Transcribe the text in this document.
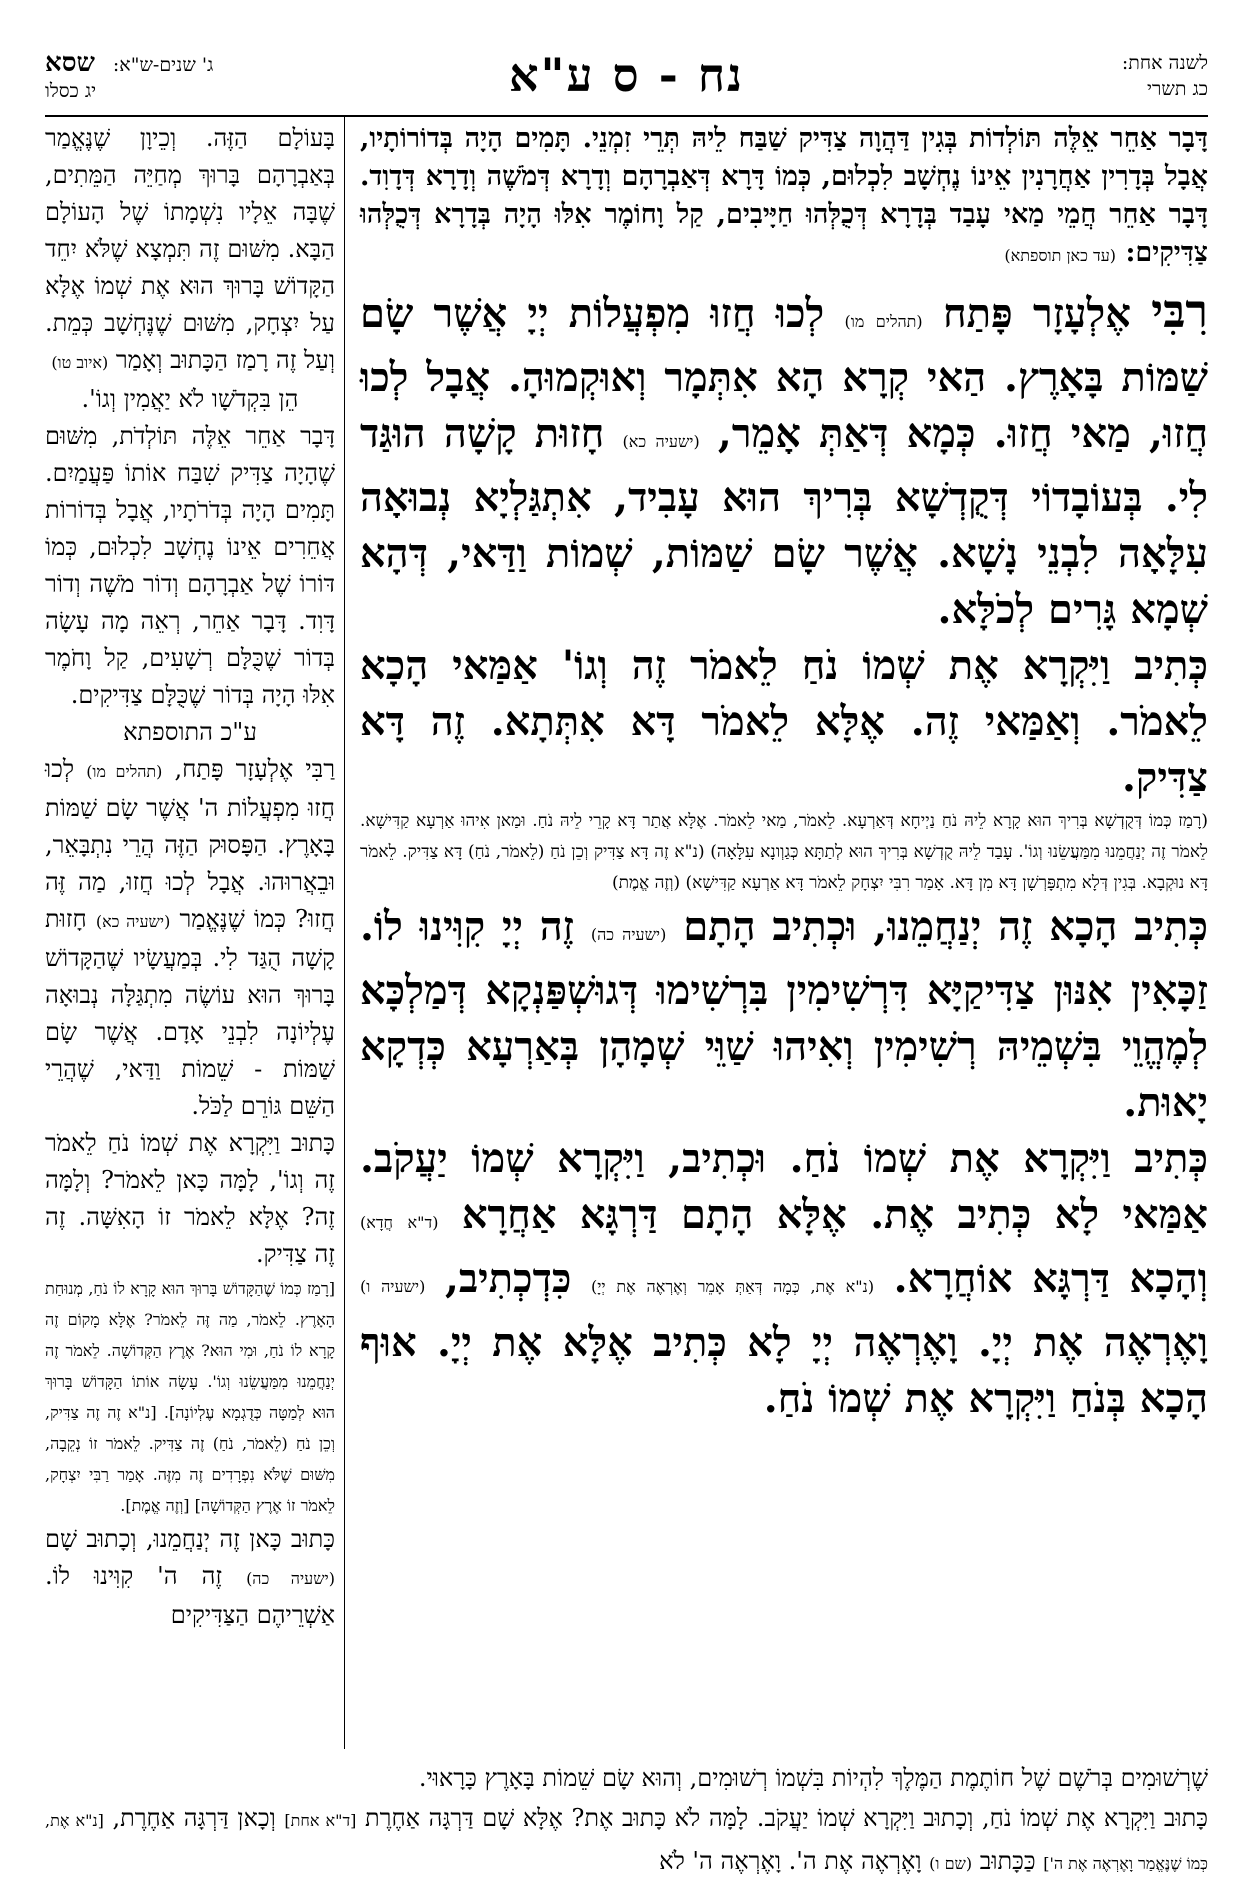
לשנה אחת:
כג תשרי
נח - ס ע"א
ג' שנים-ש"א:שסא
יג כסלו

דָּבָר אַחֵר אֵלֶּה תּוֹלְדוֹת בְּגִין דַּהֲוָה צַדִּיק שַׁבַּח לֵיהּ תְּרֵי זִמְנֵי. תָּמִים הָיָה בְּדוֹרוֹתָיו, אֲבָל בְּדָרִין אַחֲרָנִין אֵינוֹ נֶחְשָׁב לִכְלוּם, כְּמוֹ דָּרָא דְּאַבְרָהָם וְדָרָא דְּמֹשֶׁה וְדָרָא דְּדָוִד. דָּבָר אַחֵר חֲמֵי מַאי עָבַד בְּדָרָא דְּכֻלְּהוּ חַיָּיבִים, קַל וָחוֹמֶר אִלּוּ הָיָה בְּדָרָא דְּכֻלְּהוּ צַדִּיקִים: (עד כאן תוספתא)

רִבִּי אֶלְעָזָר פָּתַח (תהלים מו) לְכוּ חֲזוּ מִפְעֲלוֹת יְיָ אֲשֶׁר שָׂם שַׁמּוֹת בָּאָרֶץ. הַאי קְרָא הָא אִתְּמָר וְאוּקְמוּהָ. אֲבָל לְכוּ חֲזוּ, מַאי חֲזוּ. כְּמָא דְּאַתְּ אָמֵר, (ישעיה כא) חָזוּת קָשָׁה הוּגַּד לִי. בְּעוֹבָדוֹי דְּקֻדְשָׁא בְּרִיךְ הוּא עָבִיד, אִתְגַּלְיָא נְבוּאָה עִלָּאָה לִבְנֵי נָשָׁא. אֲשֶׁר שָׂם שַׁמּוֹת, שְׁמוֹת וַדַּאי, דְּהָא שְׁמָא גָּרִים לְכֹלָּא.

כְּתִיב וַיִּקְרָא אֶת שְׁמוֹ נֹחַ לֵאמֹר זֶה וְגוֹ' אַמַּאי הָכָא לֵאמֹר. וְאַמַּאי זֶה. אֶלָּא לֵאמֹר דָּא אִתְּתָא. זֶה דָּא צַדִּיק.

(רָמַז כְּמוֹ דְּקֻדְשָׁא בְּרִיךְ הוּא קָרָא לֵיהּ נֹחַ נַיְיחָא דְּאַרְעָא. לֵאמֹר, מַאי לֵאמֹר. אֶלָּא אֲתַר דָּא קָרֵי לֵיהּ נֹחַ. וּמַאן אִיהוּ אַרְעָא קַדִּישָׁא. לֵאמֹר זֶה יְנַחֲמֵנוּ מִמַּעֲשֵׂנוּ וְגוֹ'. עָבַד לֵיהּ קֻדְשָׁא בְּרִיךְ הוּא לְתַתָּא כְּגַוְונָא עִלָּאָה) (נ"א זֶה דָּא צַדִּיק וְכֵן נֹחַ (לֵאמֹר, נֹחַ) דָּא צַדִּיק. לֵאמֹר דָּא נוּקְבָא. בְּגִין דְּלָא מִתְפָּרְשָׁן דָּא מִן דָּא. אָמַר רִבִּי יִצְחָק לֵאמֹר דָּא אַרְעָא קַדִּישָׁא) (וְזֶה אֱמֶת)

כְּתִיב הָכָא זֶה יְנַחֲמֵנוּ, וּכְתִיב הָתָם (ישעיה כה) זֶה יְיָ קִוִּינוּ לוֹ. זַכָּאִין אִנּוּן צַדִּיקַיָּא דִּרְשִׁימִין בִּרְשִׁימוּ דְּגוּשְׁפַּנְקָא דְּמַלְכָּא לְמֶהֱוֵי בִּשְׁמֵיהּ רְשִׁימִין וְאִיהוּ שַׁוֵּי שְׁמָהָן בְּאַרְעָא כְּדְקָא יָאוּת.

כְּתִיב וַיִּקְרָא אֶת שְׁמוֹ נֹחַ. וּכְתִיב, וַיִּקְרָא שְׁמוֹ יַעֲקֹב. אַמַּאי לָא כְּתִיב אֶת. אֶלָּא הָתָם דַּרְגָּא אַחֲרָא (ד"א חֲדָא) וְהָכָא דַּרְגָּא אוֹחֲרָא. (נ"א אֶת, כְּמָה דְּאַתְּ אָמֵר וְאֶרְאֶה אֶת יְיָ) כִּדְכְתִיב, (ישעיה ו) וָאֶרְאֶה אֶת יְיָ. וָאֶרְאֶה יְיָ לָא כְּתִיב אֶלָּא אֶת יְיָ. אוּף הָכָא בְּנֹחַ וַיִּקְרָא אֶת שְׁמוֹ נֹחַ.

בָּעוֹלָם הַזֶּה. וְכֵיוָן שֶׁנֶּאֱמַר בְּאַבְרָהָם בָּרוּךְ מְחַיֵּה הַמֵּתִים, שֶׁבָּה אֵלָיו נִשְׁמָתוֹ שֶׁל הָעוֹלָם הַבָּא. מִשּׁוּם זֶה תִּמְצָא שֶׁלֹּא יִחֵד הַקָּדוֹשׁ בָּרוּךְ הוּא אֶת שְׁמוֹ אֶלָּא עַל יִצְחָק, מִשּׁוּם שֶׁנֶּחְשָׁב כְּמֵת. וְעַל זֶה רָמַז הַכָּתוּב וְאָמַר (איוב טו)

הֵן בִּקְדֹשָׁו לֹא יַאֲמִין וְגוֹ'.

דָּבָר אַחֵר אֵלֶּה תּוֹלְדֹת, מִשּׁוּם שֶׁהָיָה צַדִּיק שִׁבַּח אוֹתוֹ פַּעֲמַיִם. תָּמִים הָיָה בְּדֹרֹתָיו, אֲבָל בְּדוֹרוֹת אֲחֵרִים אֵינוֹ נֶחְשָׁב לִכְלוּם, כְּמוֹ דּוֹרוֹ שֶׁל אַבְרָהָם וְדוֹר מֹשֶׁה וְדוֹר דָּוִד. דָּבָר אַחֵר, רְאֵה מָה עָשָׂה בְּדוֹר שֶׁכֻּלָּם רְשָׁעִים, קַל וָחֹמֶר אִלּוּ הָיָה בְּדוֹר שֶׁכֻּלָּם צַדִּיקִים.

ע"כ התוספתא

רַבִּי אֶלְעָזָר פָּתַח, (תהלים מו) לְכוּ חֲזוּ מִפְעֲלוֹת ה' אֲשֶׁר שָׂם שַׁמּוֹת בָּאָרֶץ. הַפָּסוּק הַזֶּה הֲרֵי נִתְבָּאֵר, וּבֵאֲרוּהוּ. אֲבָל לְכוּ חֲזוּ, מַה זֶּה חֲזוּ? כְּמוֹ שֶׁנֶּאֱמַר (ישעיה כא) חָזוּת קָשָׁה הֻגַּד לִי. בְּמַעֲשָׂיו שֶׁהַקָּדוֹשׁ בָּרוּךְ הוּא עוֹשֶׂה מִתְגַּלָּה נְבוּאָה עֶלְיוֹנָה לִבְנֵי אָדָם. אֲשֶׁר שָׂם שַׁמּוֹת - שֵׁמוֹת וַדַּאי, שֶׁהֲרֵי הַשֵּׁם גּוֹרֵם לַכֹּל.

כָּתוּב וַיִּקְרָא אֶת שְׁמוֹ נֹחַ לֵאמֹר זֶה וְגוֹ', לָמָּה כָּאן לֵאמֹר? וְלָמָּה זֶה? אֶלָּא לֵאמֹר זוֹ הָאִשָּׁה. זֶה זֶה צַדִּיק.

[רָמַז כְּמוֹ שֶׁהַקָּדוֹשׁ בָּרוּךְ הוּא קָרָא לוֹ נֹחַ, מְנוּחַת הָאָרֶץ. לֵאמֹר, מַה זֶּה לֵאמֹר? אֶלָּא מָקוֹם זֶה קָרָא לוֹ נֹחַ, וּמִי הוּא? אֶרֶץ הַקְּדוֹשָׁה. לֵאמֹר זֶה יְנַחֲמֵנוּ מִמַּעֲשֵׂנוּ וְגוֹ'. עָשָׂה אוֹתוֹ הַקָּדוֹשׁ בָּרוּךְ הוּא לְמַטָּה כְּדֻגְמָא עֶלְיוֹנָה]. [נ"א זֶה זֶה צַדִּיק, וְכֵן נֹחַ (לֵאמֹר, נֹחַ) זֶה צַדִּיק. לֵאמֹר זוֹ נְקֵבָה, מִשּׁוּם שֶׁלֹּא נִפְרָדִים זֶה מִזֶּה. אָמַר רַבִּי יִצְחָק, לֵאמֹר זוֹ אֶרֶץ הַקְּדוֹשָׁה] [וְזֶה אֱמֶת].

כָּתוּב כָּאן זֶה יְנַחֲמֵנוּ, וְכָתוּב שָׁם (ישעיה כה) זֶה ה' קִוִּינוּ לוֹ. אַשְׁרֵיהֶם הַצַּדִּיקִים

שֶׁרְשׁוּמִים בְּרֹשֶׁם שֶׁל חוֹתֶמֶת הַמֶּלֶךְ לִהְיוֹת בִּשְׁמוֹ רְשׁוּמִים, וְהוּא שָׂם שֵׁמוֹת בָּאָרֶץ כָּרָאוּי.

כָּתוּב וַיִּקְרָא אֶת שְׁמוֹ נֹחַ, וְכָתוּב וַיִּקְרָא שְׁמוֹ יַעֲקֹב. לָמָּה לֹא כָּתוּב אֶת? אֶלָּא שָׁם דַּרְגָּה אַחֶרֶת [ד"א אחת] וְכָאן דַּרְגָּה אַחֶרֶת, [נ"א אֶת, כְּמוֹ שֶׁנֶּאֱמַר וָאֶרְאֶה אֶת ה'] כַּכָּתוּב (שם ו) וָאֶרְאֶה אֶת ה'. וָאֶרְאֶה ה' לֹא
